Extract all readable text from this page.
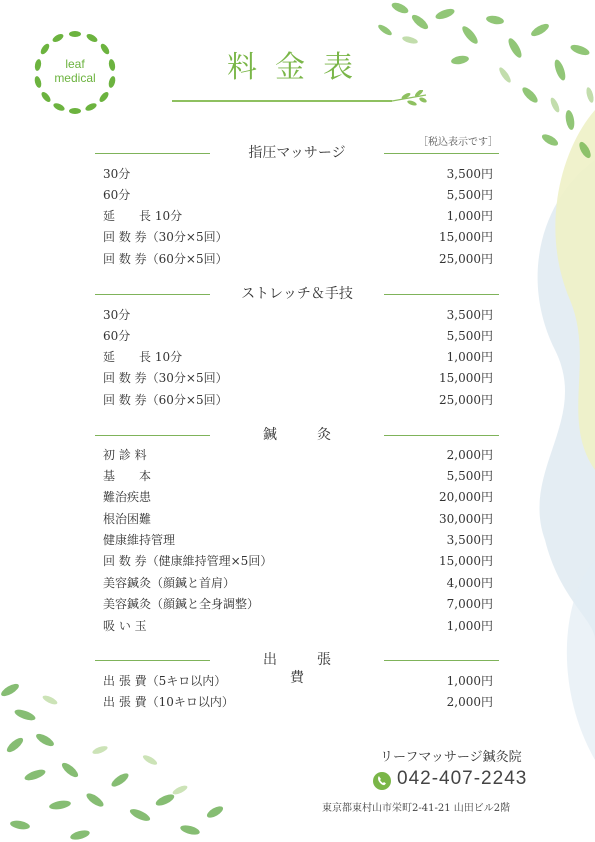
leaf
medical	料金表
［税込表示です］
指圧マッサージ
30分	3,500円
60分	5,500円
延　　長 10分	1,000円
回 数 券（30分×5回）	15,000円
回 数 券（60分×5回）	25,000円
ストレッチ＆手技
30分	3,500円
60分	5,500円
延　　長 10分	1,000円
回 数 券（30分×5回）	15,000円
回 数 券（60分×5回）	25,000円
鍼灸
初 診 料	2,000円
基　　本	5,500円
難治疾患	20,000円
根治困難	30,000円
健康維持管理	3,500円
回 数 券（健康維持管理×5回）	15,000円
美容鍼灸（顔鍼と首肩）	4,000円
美容鍼灸（顔鍼と全身調整）	7,000円
吸 い 玉	1,000円
出張費
出 張 費（5キロ以内）	1,000円
出 張 費（10キロ以内）	2,000円
リーフマッサージ鍼灸院
042-407-2243
東京都東村山市栄町2-41-21 山田ビル2階
